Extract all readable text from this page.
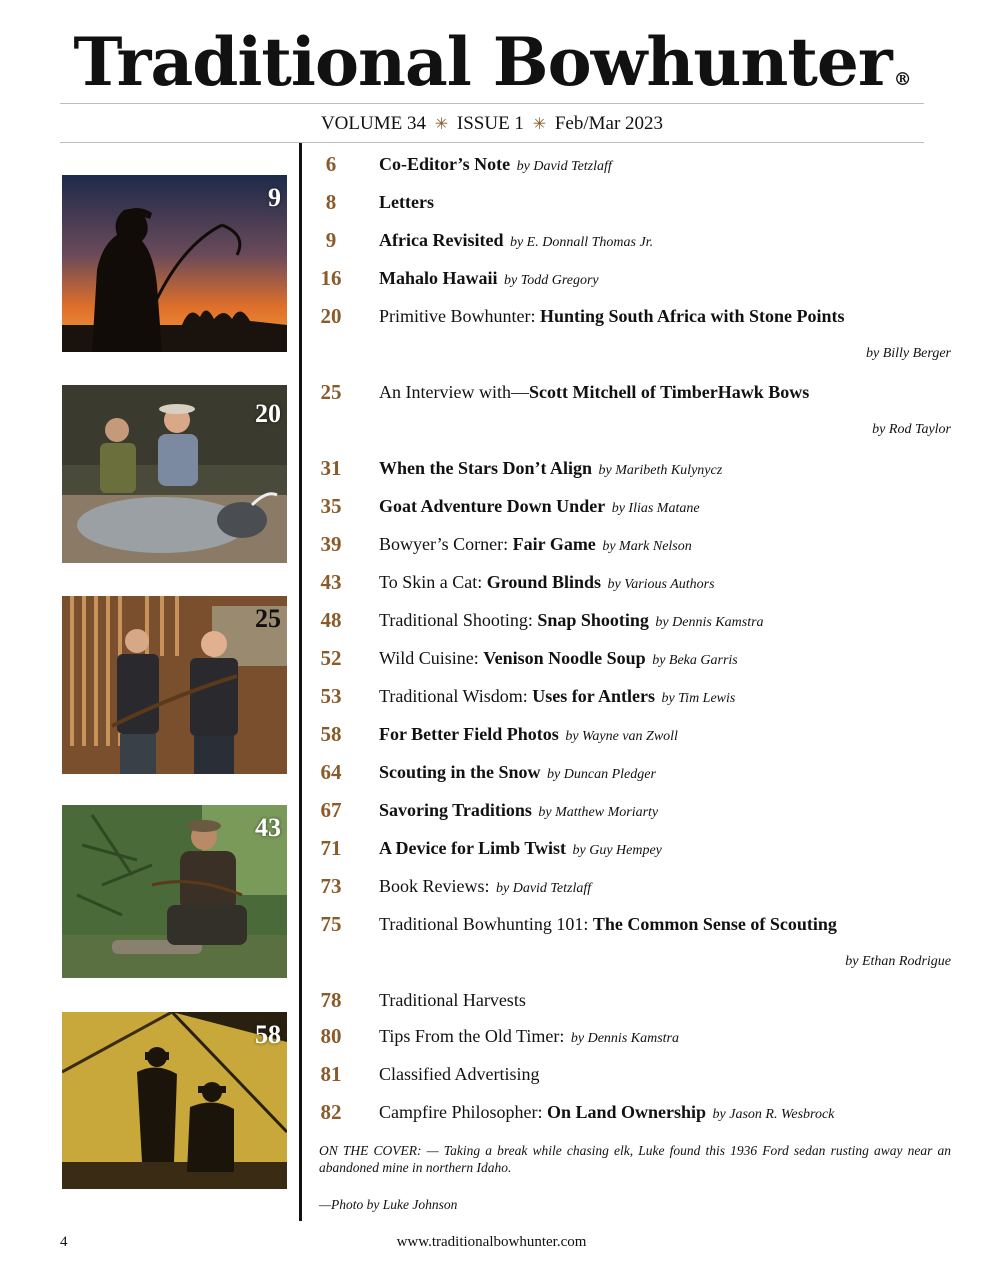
Traditional Bowhunter ®
VOLUME 34 ✳ ISSUE 1 ✳ Feb/Mar 2023
9
20
25
43
58
6	Co-Editor’s Note by David Tetzlaff
8	Letters
9	Africa Revisited by E. Donnall Thomas Jr.
16	Mahalo Hawaii by Todd Gregory
20	Primitive Bowhunter: Hunting South Africa with Stone Points
by Billy Berger
25	An Interview with—Scott Mitchell of TimberHawk Bows
by Rod Taylor
31	When the Stars Don’t Align by Maribeth Kulynycz
35	Goat Adventure Down Under by Ilias Matane
39	Bowyer’s Corner: Fair Game by Mark Nelson
43	To Skin a Cat: Ground Blinds by Various Authors
48	Traditional Shooting: Snap Shooting by Dennis Kamstra
52	Wild Cuisine: Venison Noodle Soup by Beka Garris
53	Traditional Wisdom: Uses for Antlers by Tim Lewis
58	For Better Field Photos by Wayne van Zwoll
64	Scouting in the Snow by Duncan Pledger
67	Savoring Traditions by Matthew Moriarty
71	A Device for Limb Twist by Guy Hempey
73	Book Reviews: by David Tetzlaff
75	Traditional Bowhunting 101: The Common Sense of Scouting
by Ethan Rodrigue
78	Traditional Harvests
80	Tips From the Old Timer: by Dennis Kamstra
81	Classified Advertising
82	Campfire Philosopher: On Land Ownership by Jason R. Wesbrock
ON THE COVER: — Taking a break while chasing elk, Luke found this 1936 Ford sedan rusting away near an abandoned mine in northern Idaho.
—Photo by Luke Johnson
4	www.traditionalbowhunter.com
